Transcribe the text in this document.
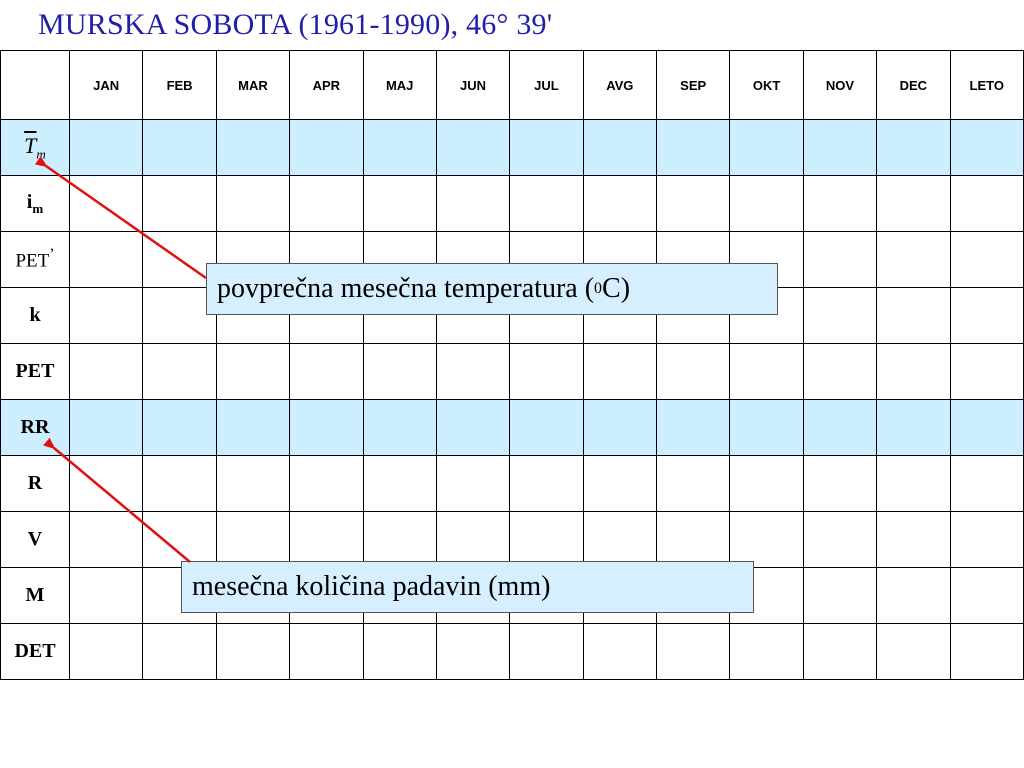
MURSKA SOBOTA (1961-1990), 46° 39'
	JAN	FEB	MAR	APR	MAJ	JUN	JUL	AVG	SEP	OKT	NOV	DEC	LETO
$\overline{T}_m$													
$i_m$													
PET’													
k													
PET													
RR													
R													
V													
M													
DET													
povprečna mesečna temperatura ( 0 C)
mesečna količina padavin (mm)
